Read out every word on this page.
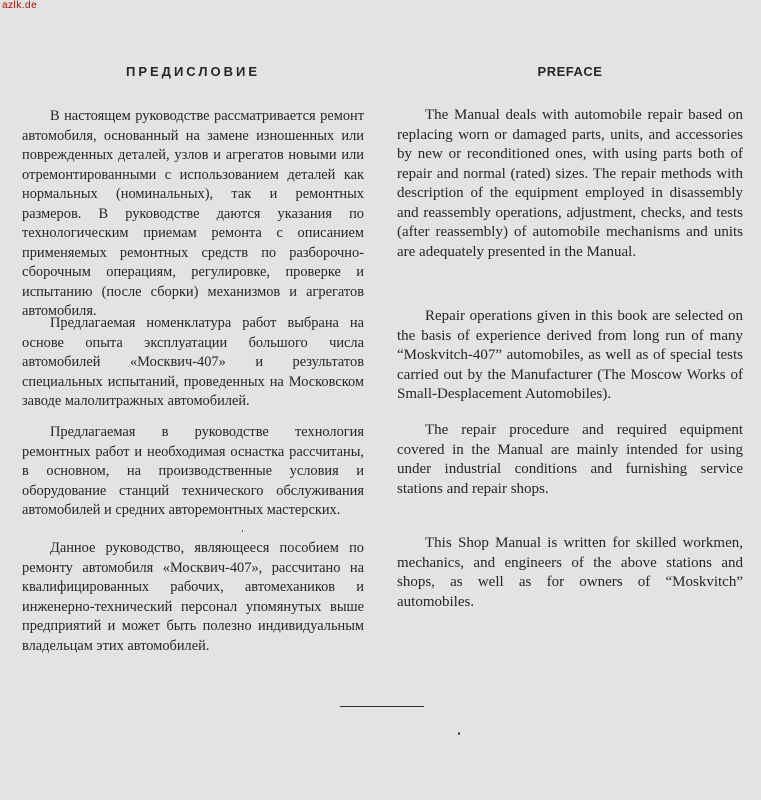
azlk.de
ПРЕДИСЛОВИЕ

В настоящем руководстве рассматривается ремонт автомобиля, основанный на замене изношенных или поврежденных деталей, узлов и агрегатов новыми или отремонтированными с использованием деталей как нормальных (номинальных), так и ремонтных размеров. В руководстве даются указания по технологическим приемам ремонта с описанием применяемых ремонтных средств по разборочно-сборочным операциям, регулировке, проверке и испытанию (после сборки) механизмов и агрегатов автомобиля.

Предлагаемая номенклатура работ выбрана на основе опыта эксплуатации большого числа автомобилей «Москвич-407» и результатов специальных испытаний, проведенных на Московском заводе малолитражных автомобилей.

Предлагаемая в руководстве технология ремонтных работ и необходимая оснастка рассчитаны, в основном, на производственные условия и оборудование станций технического обслуживания автомобилей и средних авторемонтных мастерских.

Данное руководство, являющееся пособием по ремонту автомобиля «Москвич-407», рассчитано на квалифицированных рабочих, автомехаников и инженерно-технический персонал упомянутых выше предприятий и может быть полезно индивидуальным владельцам этих автомобилей.

PREFACE

The Manual deals with automobile repair based on replacing worn or damaged parts, units, and accessories by new or reconditioned ones, with using parts both of repair and normal (rated) sizes. The repair methods with description of the equipment employed in disassembly and reassembly operations, adjustment, checks, and tests (after reassembly) of automobile mechanisms and units are adequately presented in the Manual.

Repair operations given in this book are selected on the basis of experience derived from long run of many “Moskvitch-407” automobiles, as well as of special tests carried out by the Manufacturer (The Moscow Works of Small-Desplacement Automobiles).

The repair procedure and required equipment covered in the Manual are mainly intended for using under industrial conditions and furnishing service stations and repair shops.

This Shop Manual is written for skilled workmen, mechanics, and engineers of the above stations and shops, as well as for owners of “Moskvitch” automobiles.
